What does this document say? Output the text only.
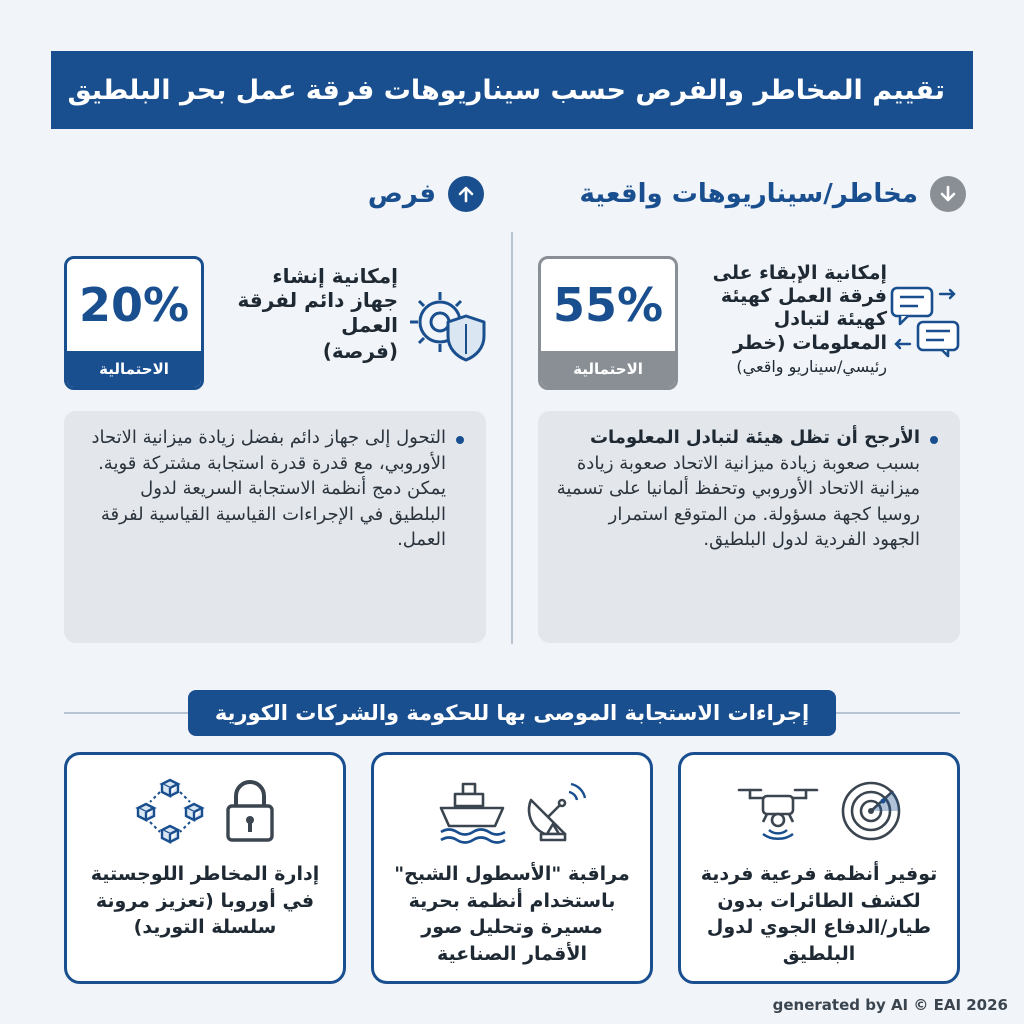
تقييم المخاطر والفرص حسب سيناريوهات فرقة عمل بحر البلطيق
مخاطر/سيناريوهات واقعية
فرص
55%
الاحتمالية
إمكانية الإبقاء على فرقة العمل كهيئة كهيئة لتبادل المعلومات (خطر
رئيسي/سيناريو واقعي)
الأرجح أن تظل هيئة لتبادل المعلومات بسبب صعوبة زيادة ميزانية الاتحاد صعوبة زيادة ميزانية الاتحاد الأوروبي وتحفظ ألمانيا على تسمية روسيا كجهة مسؤولة. من المتوقع استمرار الجهود الفردية لدول البلطيق.
20%
الاحتمالية
إمكانية إنشاء جهاز دائم لفرقة العمل
(فرصة)
التحول إلى جهاز دائم بفضل زيادة ميزانية الاتحاد الأوروبي، مع قدرة قدرة استجابة مشتركة قوية. يمكن دمج أنظمة الاستجابة السريعة لدول البلطيق في الإجراءات القياسية القياسية لفرقة العمل.
إجراءات الاستجابة الموصى بها للحكومة والشركات الكورية
إدارة المخاطر اللوجستية في أوروبا (تعزيز مرونة سلسلة التوريد)
مراقبة "الأسطول الشبح" باستخدام أنظمة بحرية مسيرة وتحليل صور الأقمار الصناعية
توفير أنظمة فرعية فردية لكشف الطائرات بدون طيار/الدفاع الجوي لدول البلطيق
generated by AI © EAI 2026
